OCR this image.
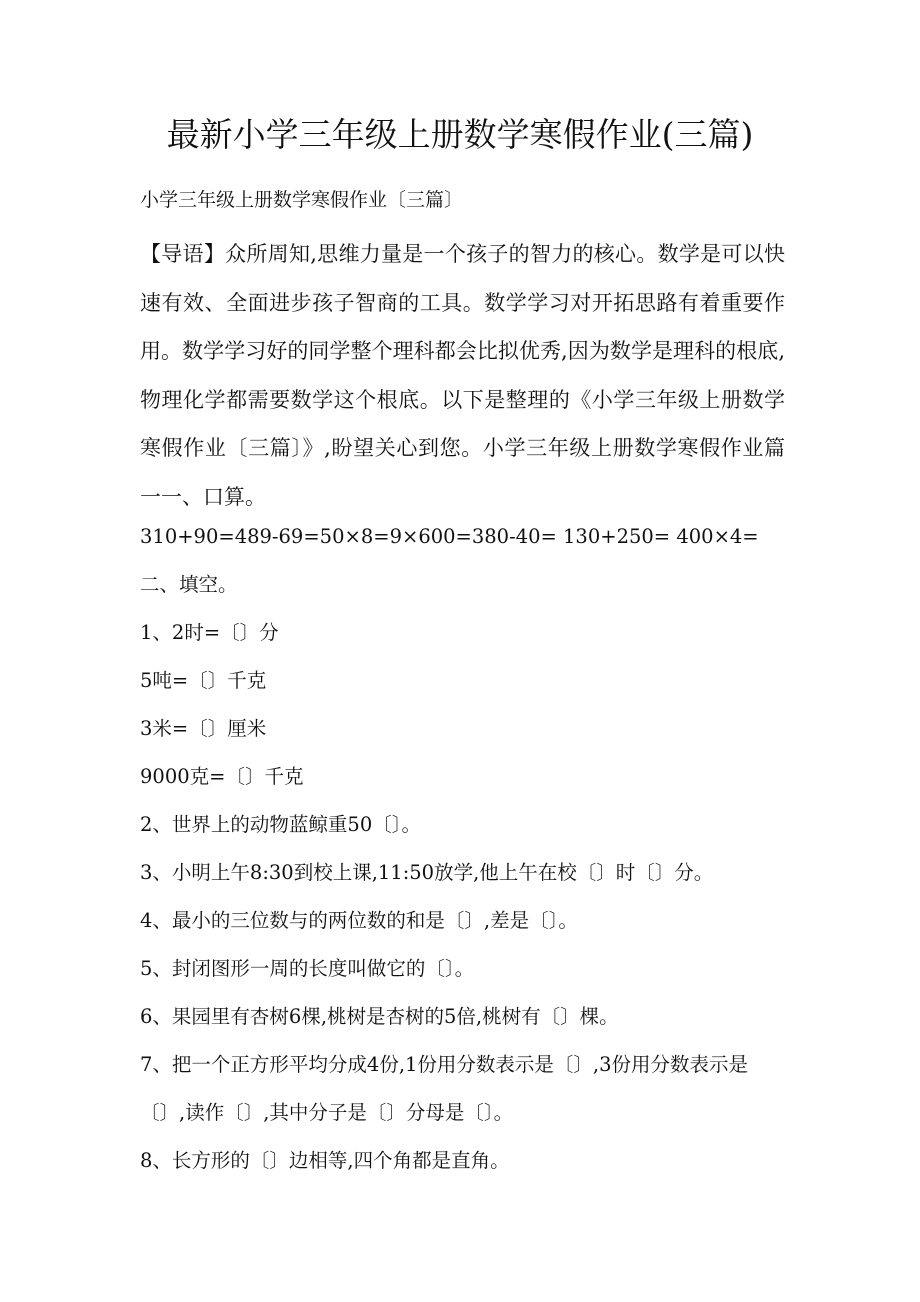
最新小学三年级上册数学寒假作业(三篇)

小学三年级上册数学寒假作业〔三篇〕

【导语】众所周知,思维力量是一个孩子的智力的核心。数学是可以快速有效、全面进步孩子智商的工具。数学学习对开拓思路有着重要作用。数学学习好的同学整个理科都会比拟优秀,因为数学是理科的根底,物理化学都需要数学这个根底。以下是整理的《小学三年级上册数学寒假作业〔三篇〕》,盼望关心到您。小学三年级上册数学寒假作业篇一一、口算。

310+90=489-69=50×8=9×600=380-40= 130+250= 400×4=

二、填空。

1、2时=〔〕分

5吨=〔〕千克

3米=〔〕厘米

9000克=〔〕千克

2、世界上的动物蓝鲸重50〔〕。

3、小明上午8:30到校上课,11:50放学,他上午在校〔〕时〔〕分。

4、最小的三位数与的两位数的和是〔〕,差是〔〕。

5、封闭图形一周的长度叫做它的〔〕。

6、果园里有杏树6棵,桃树是杏树的5倍,桃树有〔〕棵。

7、把一个正方形平均分成4份,1份用分数表示是〔〕,3份用分数表示是〔〕,读作〔〕,其中分子是〔〕分母是〔〕。

8、长方形的〔〕边相等,四个角都是直角。
